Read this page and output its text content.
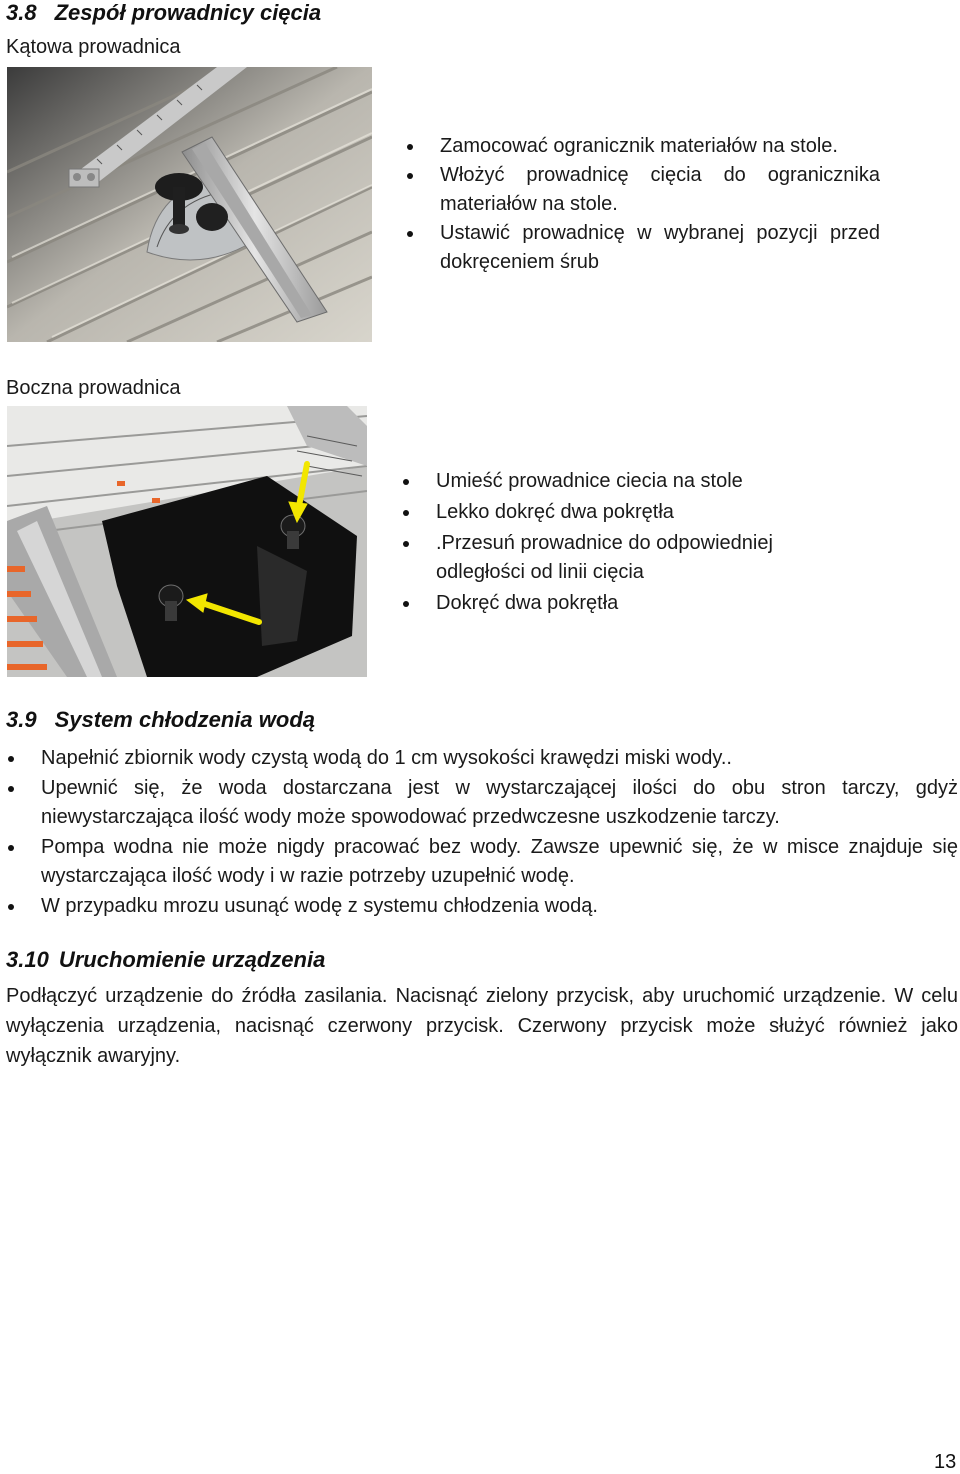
3.8 Zespół prowadnicy cięcia
Kątowa prowadnica
Zamocować ogranicznik materiałów na stole.
Włożyć prowadnicę cięcia do ogranicznika materiałów na stole.
Ustawić prowadnicę w wybranej pozycji przed dokręceniem śrub
Boczna prowadnica
Umieść prowadnice ciecia na stole
Lekko dokręć dwa pokrętła
.Przesuń prowadnice do odpowiedniej odległości od linii cięcia
Dokręć dwa pokrętła
3.9 System chłodzenia wodą
Napełnić zbiornik wody czystą wodą do 1 cm wysokości krawędzi miski wody..
Upewnić się, że woda dostarczana jest w wystarczającej ilości do obu stron tarczy, gdyż niewystarczająca ilość wody może spowodować przedwczesne uszkodzenie tarczy.
Pompa wodna nie może nigdy pracować bez wody. Zawsze upewnić się, że w misce znajduje się wystarczająca ilość wody i w razie potrzeby uzupełnić wodę.
W przypadku mrozu usunąć wodę z systemu chłodzenia wodą.
3.10 Uruchomienie urządzenia
Podłączyć urządzenie do źródła zasilania. Nacisnąć zielony przycisk, aby uruchomić urządzenie. W celu wyłączenia urządzenia, nacisnąć czerwony przycisk. Czerwony przycisk może służyć również jako wyłącznik awaryjny.
13
